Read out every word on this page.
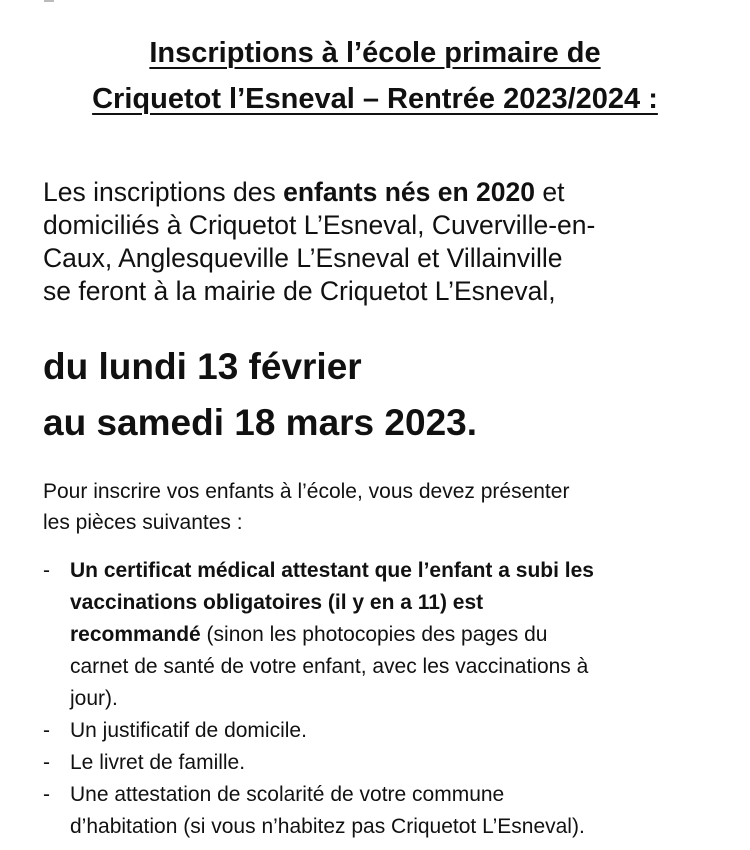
Inscriptions à l’école primaire de
Criquetot l’Esneval – Rentrée 2023/2024 :

Les inscriptions des enfants nés en 2020 et
domiciliés à Criquetot L’Esneval, Cuverville-en-
Caux, Anglesqueville L’Esneval et Villainville
se feront à la mairie de Criquetot L’Esneval,

du lundi 13 février
au samedi 18 mars 2023.

Pour inscrire vos enfants à l’école, vous devez présenter
les pièces suivantes :

- Un certificat médical attestant que l’enfant a subi les
vaccinations obligatoires (il y en a 11) est
recommandé (sinon les photocopies des pages du
carnet de santé de votre enfant, avec les vaccinations à
jour).
- Un justificatif de domicile.
- Le livret de famille.
- Une attestation de scolarité de votre commune
d’habitation (si vous n’habitez pas Criquetot L’Esneval).
